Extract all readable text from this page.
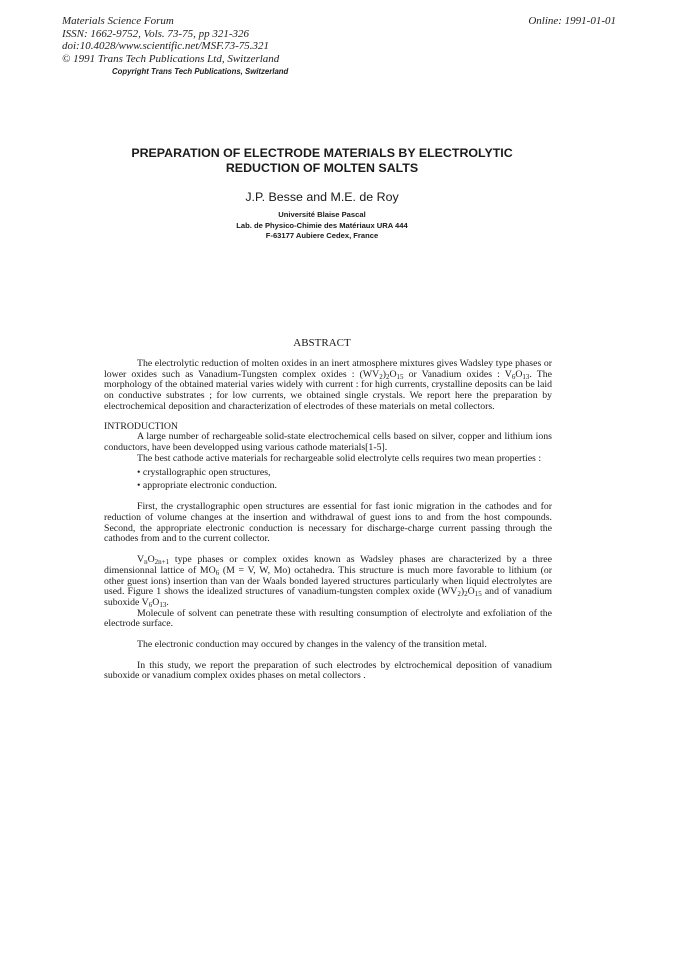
Materials Science Forum
ISSN: 1662-9752, Vols. 73-75, pp 321-326
doi:10.4028/www.scientific.net/MSF.73-75.321
© 1991 Trans Tech Publications Ltd, Switzerland
Online: 1991-01-01
Copyright Trans Tech Publications, Switzerland
PREPARATION OF ELECTRODE MATERIALS BY ELECTROLYTIC
REDUCTION OF MOLTEN SALTS
J.P. Besse and M.E. de Roy
Université Blaise Pascal
Lab. de Physico-Chimie des Matériaux URA 444
F-63177 Aubiere Cedex, France
ABSTRACT

The electrolytic reduction of molten oxides in an inert atmosphere mixtures gives Wadsley type phases or lower oxides such as Vanadium-Tungsten complex oxides : $(WV_2)_2O_{15}$ or Vanadium oxides : $V_6O_{13}$. The morphology of the obtained material varies widely with current : for high currents, crystalline deposits can be laid on conductive substrates ; for low currents, we obtained single crystals. We report here the preparation by electrochemical deposition and characterization of electrodes of these materials on metal collectors.

INTRODUCTION

A large number of rechargeable solid-state electrochemical cells based on silver, copper and lithium ions conductors, have been developped using various cathode materials[1-5].

The best cathode active materials for rechargeable solid electrolyte cells requires two mean properties :

• crystallographic open structures,
• appropriate electronic conduction.

First, the crystallographic open structures are essential for fast ionic migration in the cathodes and for reduction of volume changes at the insertion and withdrawal of guest ions to and from the host compounds. Second, the appropriate electronic conduction is necessary for discharge-charge current passing through the cathodes from and to the current collector.

$V_nO_{2n+1}$ type phases or complex oxides known as Wadsley phases are characterized by a three dimensionnal lattice of $MO_6$ (M = V, W, Mo) octahedra. This structure is much more favorable to lithium (or other guest ions) insertion than van der Waals bonded layered structures particularly when liquid electrolytes are used. Figure 1 shows the idealized structures of vanadium-tungsten complex oxide $(WV_2)_2O_{15}$ and of vanadium suboxide $V_6O_{13}$.

Molecule of solvent can penetrate these with resulting consumption of electrolyte and exfoliation of the electrode surface.

The electronic conduction may occured by changes in the valency of the transition metal.

In this study, we report the preparation of such electrodes by elctrochemical deposition of vanadium suboxide or vanadium complex oxides phases on metal collectors .
